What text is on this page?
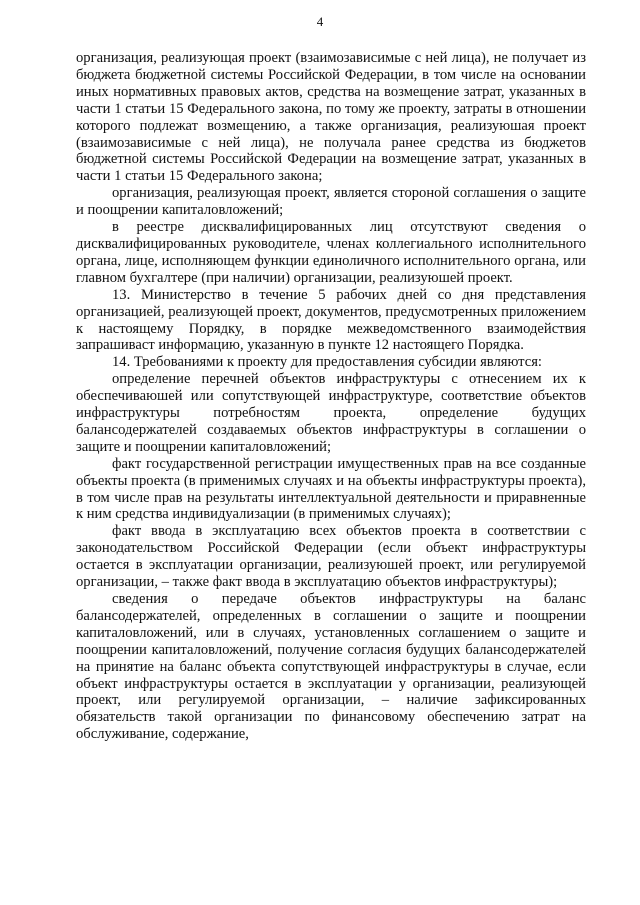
4

организация, реализующая проект (взаимозависимые с ней лица), не получает из бюджета бюджетной системы Российской Федерации, в том числе на основании иных нормативных правовых актов, средства на возмещение затрат, указанных в части 1 статьи 15 Федерального закона, по тому же проекту, затраты в отношении которого подлежат возмещению, а также организация, реализуюшая проект (взаимозависимые с ней лица), не получала ранее средства из бюджетов бюджетной системы Российской Федерации на возмещение затрат, указанных в части 1 статьи 15 Федерального закона;

организация, реализующая проект, является стороной соглашения о защите и поощрении капиталовложений;

в реестре дисквалифицированных лиц отсутствуют сведения о дисквалифицированных руководителе, членах коллегиального исполнительного органа, лице, исполняющем функции единоличного исполнительного органа, или главном бухгалтере (при наличии) организации, реализуюшей проект.

13. Министерство в течение 5 рабочих дней со дня представления организацией, реализующей проект, документов, предусмотренных приложением к настоящему Порядку, в порядке межведомственного взаимодействия запрашиваст информацию, указанную в пункте 12 настоящего Порядка.

14. Требованиями к проекту для предоставления субсидии являются:

определение перечней объектов инфраструктуры с отнесением их к обеспечиваюшей или сопутствующей инфраструктуре, соответствие объектов инфраструктуры потребностям проекта, определение будущих балансодержателей создаваемых объектов инфраструктуры в соглашении о защите и поощрении капиталовложений;

факт государственной регистрации имущественных прав на все созданные объекты проекта (в применимых случаях и на объекты инфраструктуры проекта), в том числе прав на результаты интеллектуальной деятельности и приравненные к ним средства индивидуализации (в применимых случаях);

факт ввода в эксплуатацию всех объектов проекта в соответствии с законодательством Российской Федерации (если объект инфраструктуры остается в эксплуатации организации, реализуюшей проект, или регулируемой организации, – также факт ввода в эксплуатацию объектов инфраструктуры);

сведения о передаче объектов инфраструктуры на баланс балансодержателей, определенных в соглашении о защите и поощрении капиталовложений, или в случаях, установленных соглашением о защите и поощрении капиталовложений, получение согласия будущих балансодержателей на принятие на баланс объекта сопутствующей инфраструктуры в случае, если объект инфраструктуры остается в эксплуатации у организации, реализующей проект, или регулируемой организации, – наличие зафиксированных обязательств такой организации по финансовому обеспечению затрат на обслуживание, содержание,
